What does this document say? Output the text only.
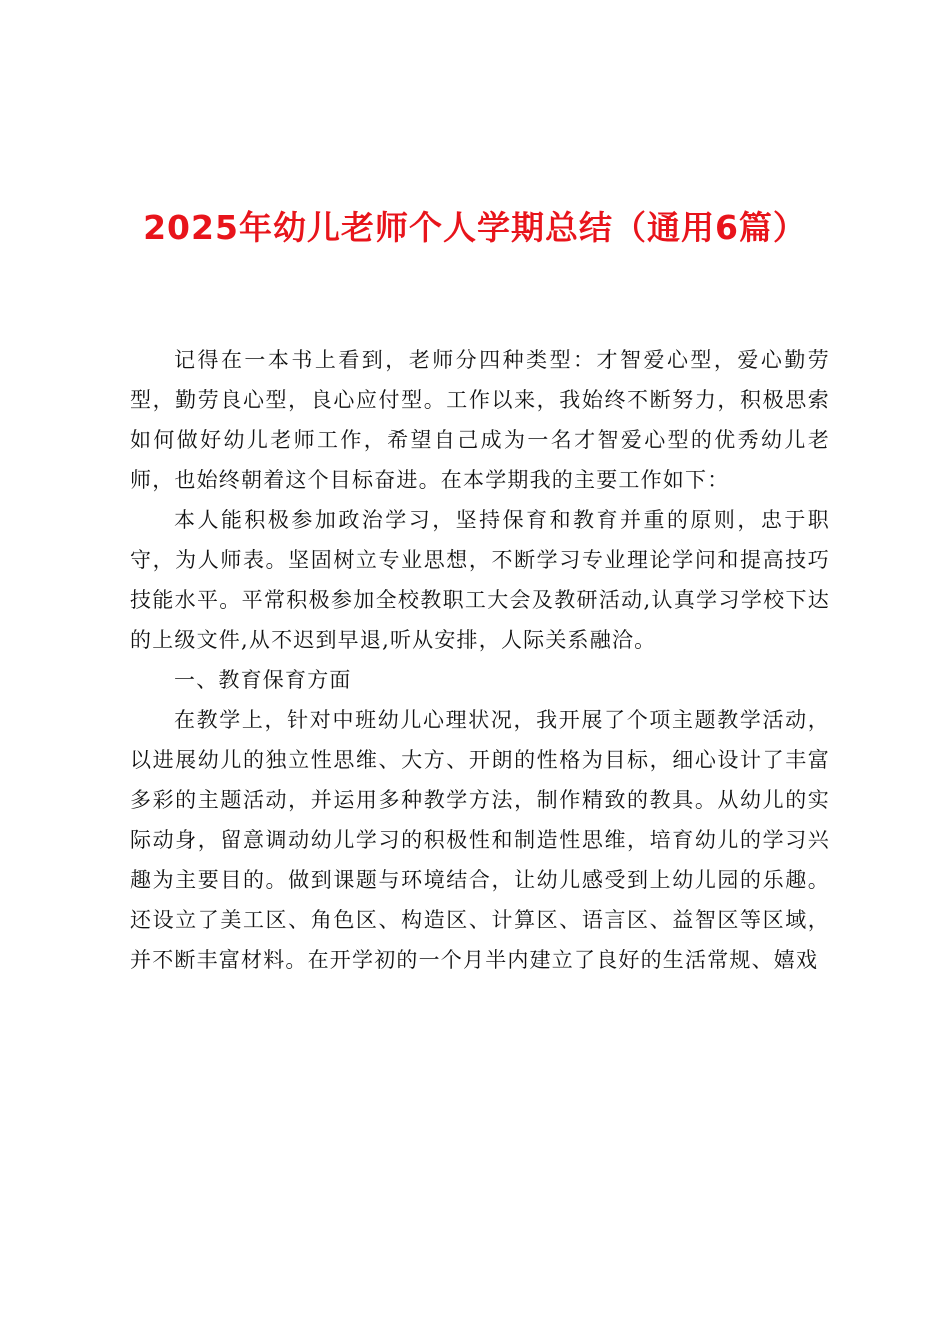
2025年幼儿老师个人学期总结（通用6篇）

记得在一本书上看到，老师分四种类型：才智爱心型，爱心勤劳型，勤劳良心型，良心应付型。工作以来，我始终不断努力，积极思索如何做好幼儿老师工作，希望自己成为一名才智爱心型的优秀幼儿老师，也始终朝着这个目标奋进。在本学期我的主要工作如下：

本人能积极参加政治学习，坚持保育和教育并重的原则，忠于职守，为人师表。坚固树立专业思想，不断学习专业理论学问和提高技巧技能水平。平常积极参加全校教职工大会及教研活动,认真学习学校下达的上级文件,从不迟到早退,听从安排，人际关系融洽。

一、教育保育方面

在教学上，针对中班幼儿心理状况，我开展了个项主题教学活动，以进展幼儿的独立性思维、大方、开朗的性格为目标，细心设计了丰富多彩的主题活动，并运用多种教学方法，制作精致的教具。从幼儿的实际动身，留意调动幼儿学习的积极性和制造性思维，培育幼儿的学习兴趣为主要目的。做到课题与环境结合，让幼儿感受到上幼儿园的乐趣。还设立了美工区、角色区、构造区、计算区、语言区、益智区等区域，并不断丰富材料。在开学初的一个月半内建立了良好的生活常规、嬉戏
